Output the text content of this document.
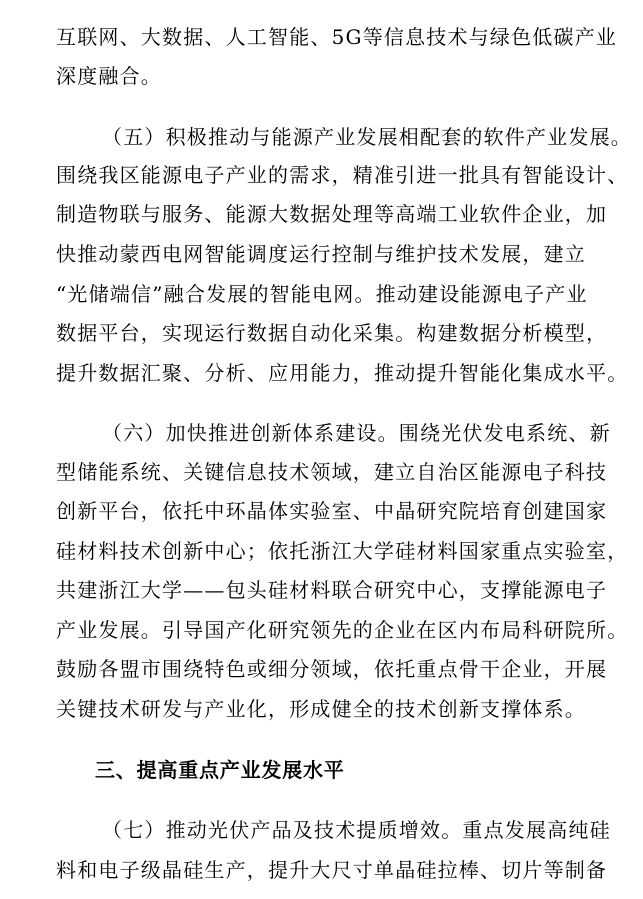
互联网、大数据、人工智能、5G等信息技术与绿色低碳产业
深度融合。
（五）积极推动与能源产业发展相配套的软件产业发展。
围绕我区能源电子产业的需求，精准引进一批具有智能设计、
制造物联与服务、能源大数据处理等高端工业软件企业，加
快推动蒙西电网智能调度运行控制与维护技术发展，建立
“光储端信”融合发展的智能电网。推动建设能源电子产业
数据平台，实现运行数据自动化采集。构建数据分析模型，
提升数据汇聚、分析、应用能力，推动提升智能化集成水平。
（六）加快推进创新体系建设。围绕光伏发电系统、新
型储能系统、关键信息技术领域，建立自治区能源电子科技
创新平台，依托中环晶体实验室、中晶研究院培育创建国家
硅材料技术创新中心；依托浙江大学硅材料国家重点实验室，
共建浙江大学——包头硅材料联合研究中心，支撑能源电子
产业发展。引导国产化研究领先的企业在区内布局科研院所。
鼓励各盟市围绕特色或细分领域，依托重点骨干企业，开展
关键技术研发与产业化，形成健全的技术创新支撑体系。
三、提高重点产业发展水平
（七）推动光伏产品及技术提质增效。重点发展高纯硅
料和电子级晶硅生产，提升大尺寸单晶硅拉棒、切片等制备
